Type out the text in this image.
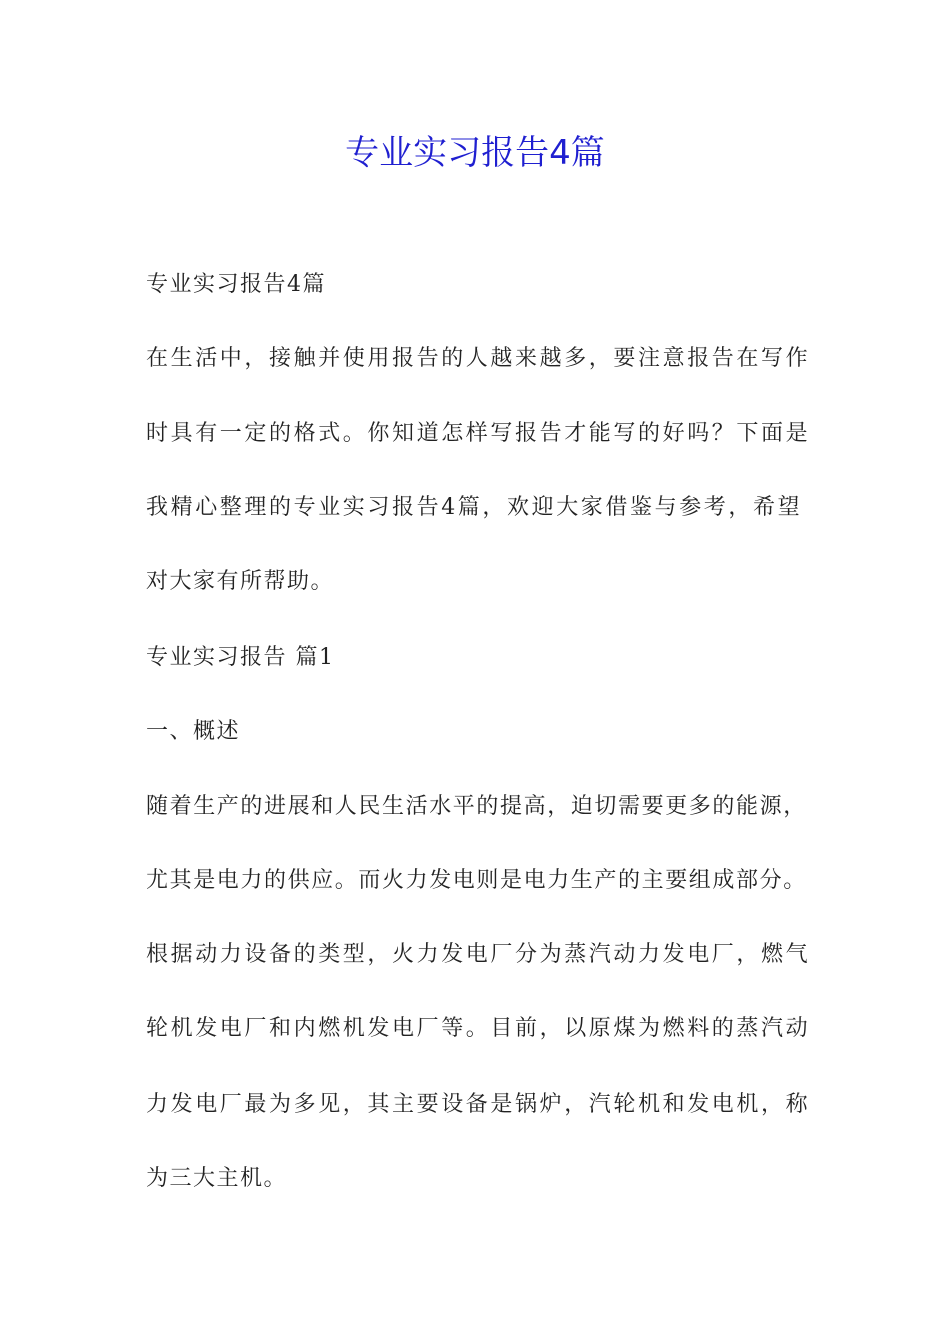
专业实习报告4篇

专业实习报告4篇

在生活中，接触并使用报告的人越来越多，要注意报告在写作

时具有一定的格式。你知道怎样写报告才能写的好吗？下面是

我精心整理的专业实习报告4篇，欢迎大家借鉴与参考，希望

对大家有所帮助。

专业实习报告 篇1

一、概述

随着生产的进展和人民生活水平的提高，迫切需要更多的能源，

尤其是电力的供应。而火力发电则是电力生产的主要组成部分。

根据动力设备的类型，火力发电厂分为蒸汽动力发电厂，燃气

轮机发电厂和内燃机发电厂等。目前，以原煤为燃料的蒸汽动

力发电厂最为多见，其主要设备是锅炉，汽轮机和发电机，称

为三大主机。
